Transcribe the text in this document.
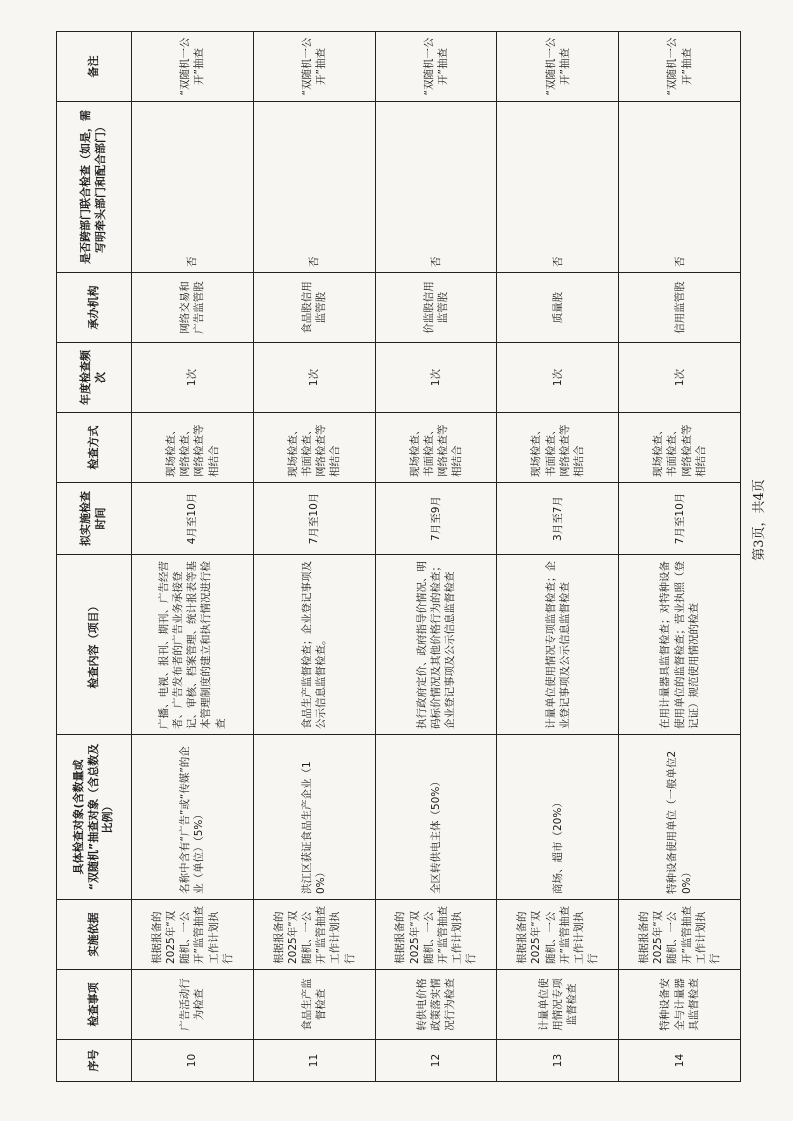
序号	检查事项	实施依据	具体检查对象(含数量或 “双随机”抽查对象（含总数及比例）	检查内容（项目）	拟实施检查时间	检查方式	年度检查频次	承办机构	是否跨部门联合检查（如是，需写明牵头部门和配合部门）	备注
10	广告活动行为检查	根据报备的2025年“双随机、一公开”监管抽查工作计划执行	名称中含有“广告”或“传媒”的企业（单位）（5%）	广播、电视、报刊、期刊、广告经营者、广告发布者的广告业务承接登记、审核、档案管理、统计报表等基本管理制度的建立和执行情况进行检查	4月至10月	现场检查、网络检查、网络检查等相结合	1次	网络交易和广告监管股	否	“双随机一公开”抽查
11	食品生产监督检查	根据报备的2025年“双随机、一公开”监管抽查工作计划执行	洪江区获证食品生产企业（10%）	食品生产监督检查；企业登记事项及公示信息监督检查。	7月至10月	现场检查、书面检查、网络检查等相结合	1次	食品股信用监管股	否	“双随机一公开”抽查
12	转供电价格政策落实情况行为检查	根据报备的2025年“双随机、一公开”监管抽查工作计划执行	全区转供电主体（50%）	执行政府定价、政府指导价情况、明码标价情况及其他价格行为的检查；企业登记事项及公示信息监督检查	7月至9月	现场检查、书面检查、网络检查等相结合	1次	价监股信用监管股	否	“双随机一公开”抽查
13	计量单位使用情况专项监督检查	根据报备的2025年“双随机、一公开”监管抽查工作计划执行	商场、超市（20%）	计量单位使用情况专项监督检查；企业登记事项及公示信息监督检查	3月至7月	现场检查、书面检查、网络检查等相结合	1次	质量股	否	“双随机一公开”抽查
14	特种设备安全与计量器具监督检查	根据报备的2025年“双随机、一公开”监管抽查工作计划执行	特种设备使用单位（一般单位20%）	在用计量器具监督检查；对特种设备使用单位的监督检查；营业执照（登记证）规范使用情况的检查	7月至10月	现场检查、书面检查、网络检查等相结合	1次	信用监管股	否	“双随机一公开”抽查
第3页，共4页
